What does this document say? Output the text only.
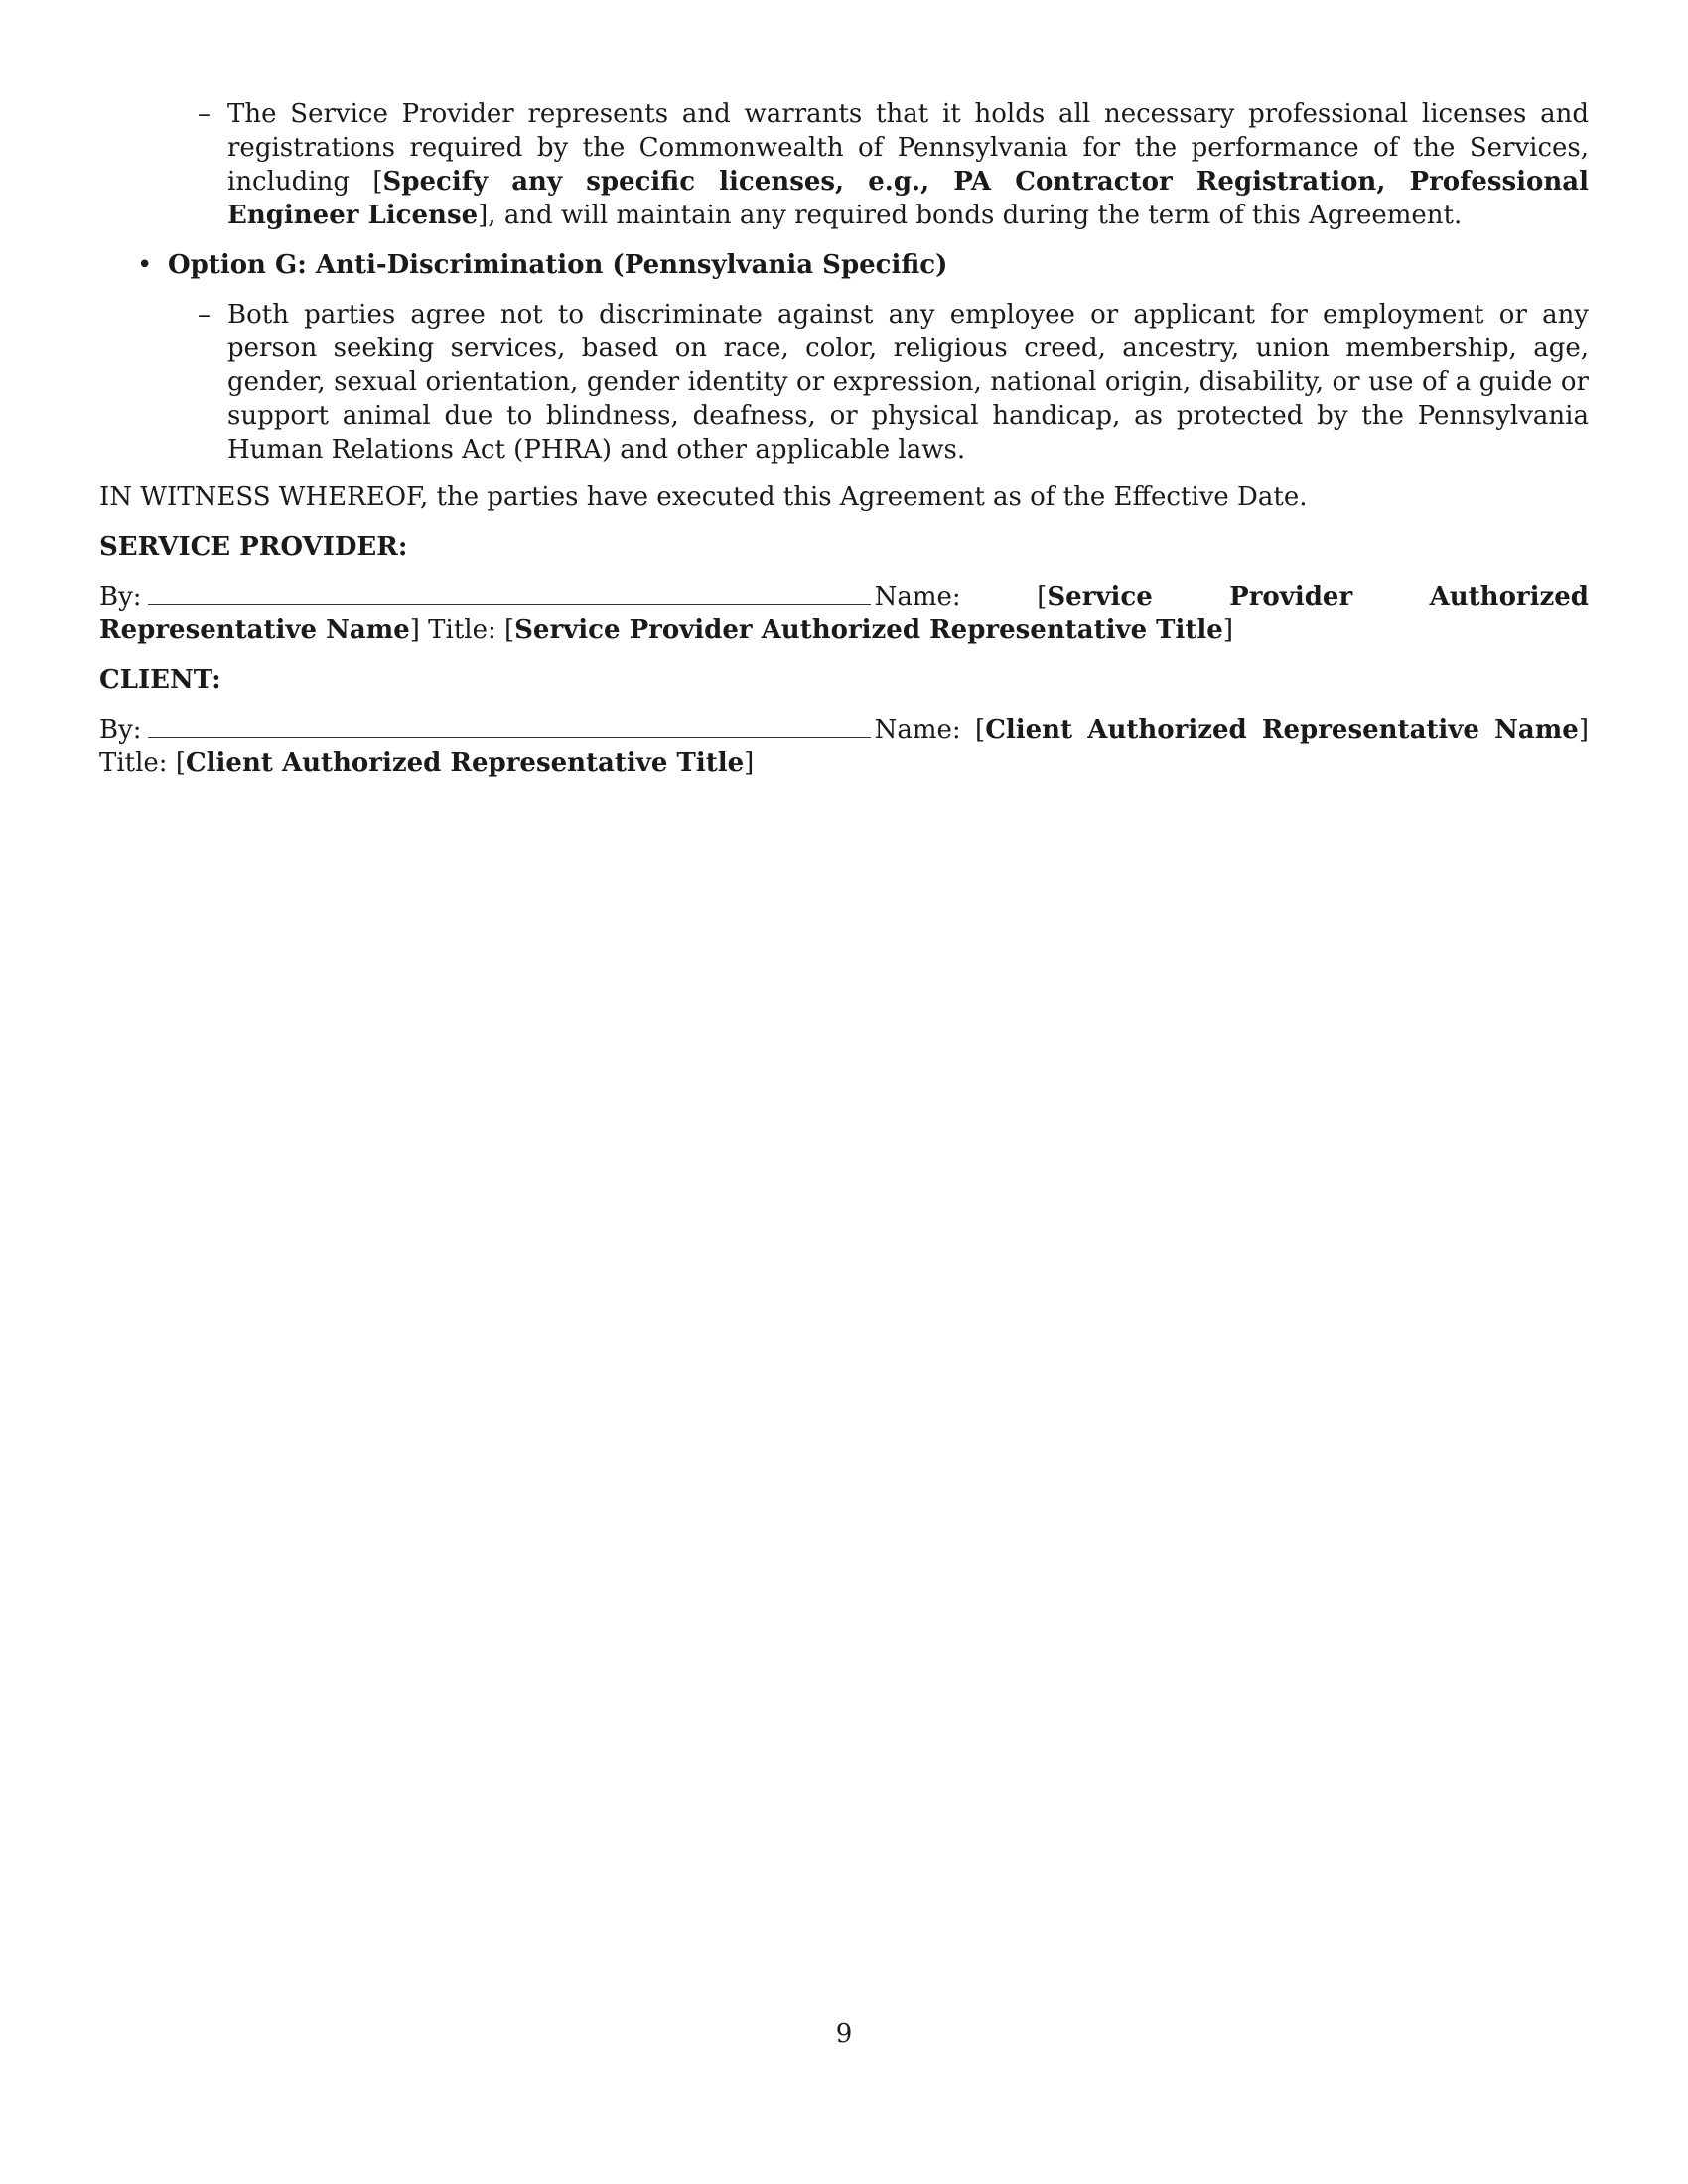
– The Service Provider represents and warrants that it holds all necessary professional licenses and registrations required by the Commonwealth of Pennsylvania for the performance of the Services, including [Specify any specific licenses, e.g., PA Contractor Registration, Professional Engineer License], and will maintain any required bonds during the term of this Agreement.
• Option G: Anti-Discrimination (Pennsylvania Specific)
– Both parties agree not to discriminate against any employee or applicant for employment or any person seeking services, based on race, color, religious creed, ancestry, union membership, age, gender, sexual orientation, gender identity or expression, national origin, disability, or use of a guide or support animal due to blindness, deafness, or physical handicap, as protected by the Pennsylvania Human Relations Act (PHRA) and other applicable laws.
IN WITNESS WHEREOF, the parties have executed this Agreement as of the Effective Date.
SERVICE PROVIDER:
By:	Name: [Service Provider Authorized Representative Name] Title: [Service Provider Authorized Representative Title]
CLIENT:
By:	Name: [Client Authorized Representative Name] Title: [Client Authorized Representative Title]
9
